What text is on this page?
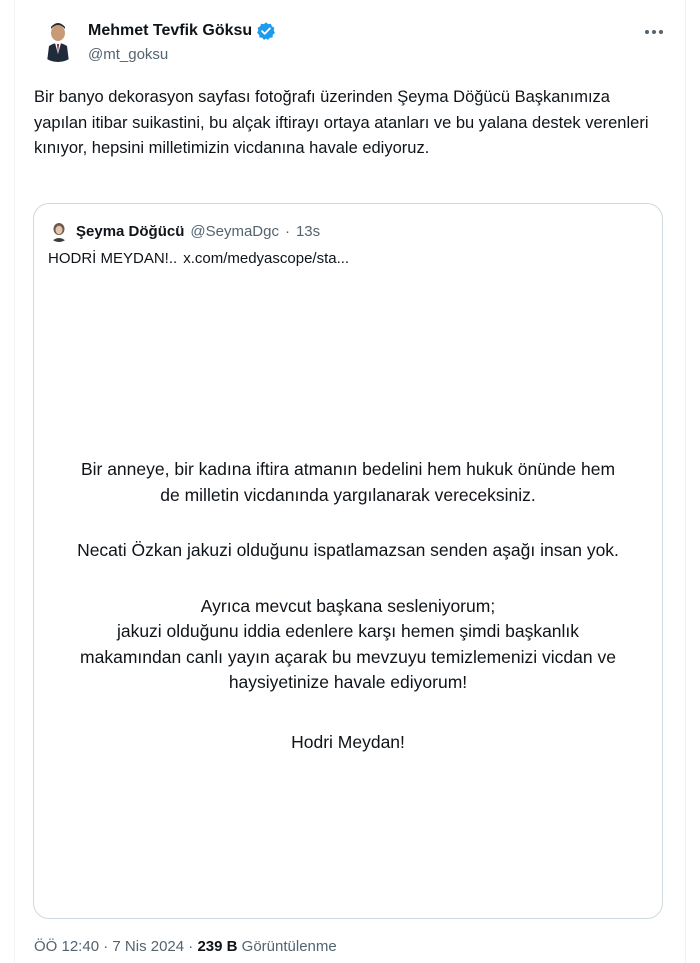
Mehmet Tevfik Göksu
@mt_goksu
Bir banyo dekorasyon sayfası fotoğrafı üzerinden Şeyma Döğücü Başkanımıza yapılan itibar suikastini, bu alçak iftirayı ortaya atanları ve bu yalana destek verenleri kınıyor, hepsini milletimizin vicdanına havale ediyoruz.
Şeyma Döğücü @SeymaDgc · 13s
HODRİ MEYDAN!.. x.com/medyascope/sta...

Bir anneye, bir kadına iftira atmanın bedelini hem hukuk önünde hem

de milletin vicdanında yargılanarak vereceksiniz.

Necati Özkan jakuzi olduğunu ispatlamazsan senden aşağı insan yok.

Ayrıca mevcut başkana sesleniyorum;

jakuzi olduğunu iddia edenlere karşı hemen şimdi başkanlık

makamından canlı yayın açarak bu mevzuyu temizlemenizi vicdan ve

haysiyetinize havale ediyorum!

Hodri Meydan!

ÖÖ 12:40 · 7 Nis 2024 · 239 B Görüntülenme
